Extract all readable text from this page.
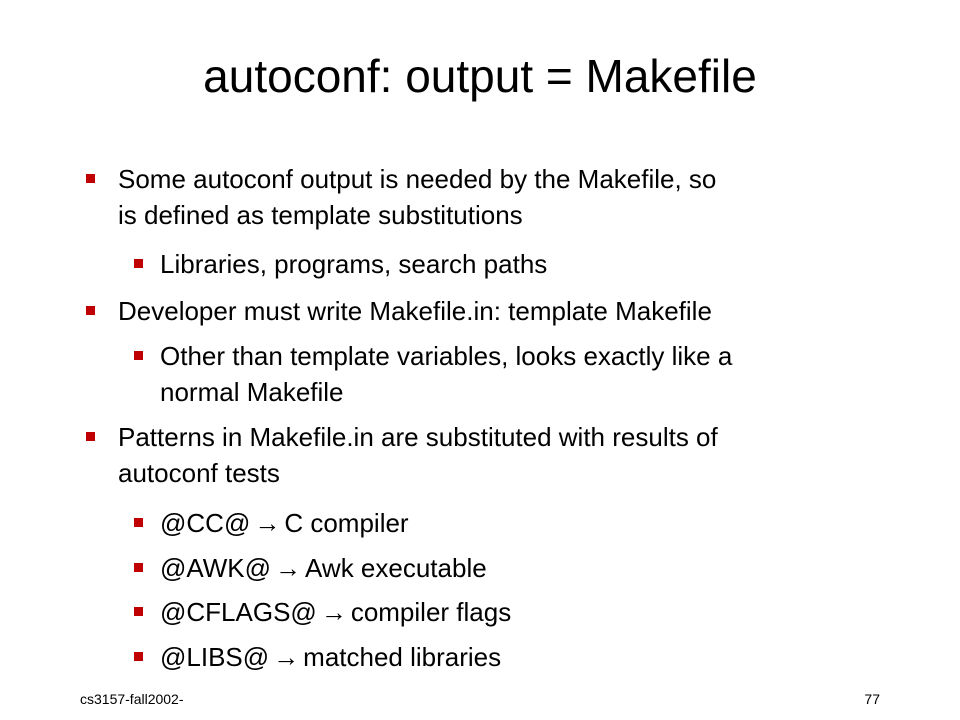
autoconf: output = Makefile
Some autoconf output is needed by the Makefile, so
is defined as template substitutions
Libraries, programs, search paths
Developer must write Makefile.in: template Makefile
Other than template variables, looks exactly like a
normal Makefile
Patterns in Makefile.in are substituted with results of
autoconf tests
@CC@ → C compiler
@AWK@ → Awk executable
@CFLAGS@ → compiler flags
@LIBS@ → matched libraries
cs3157-fall2002-	77
